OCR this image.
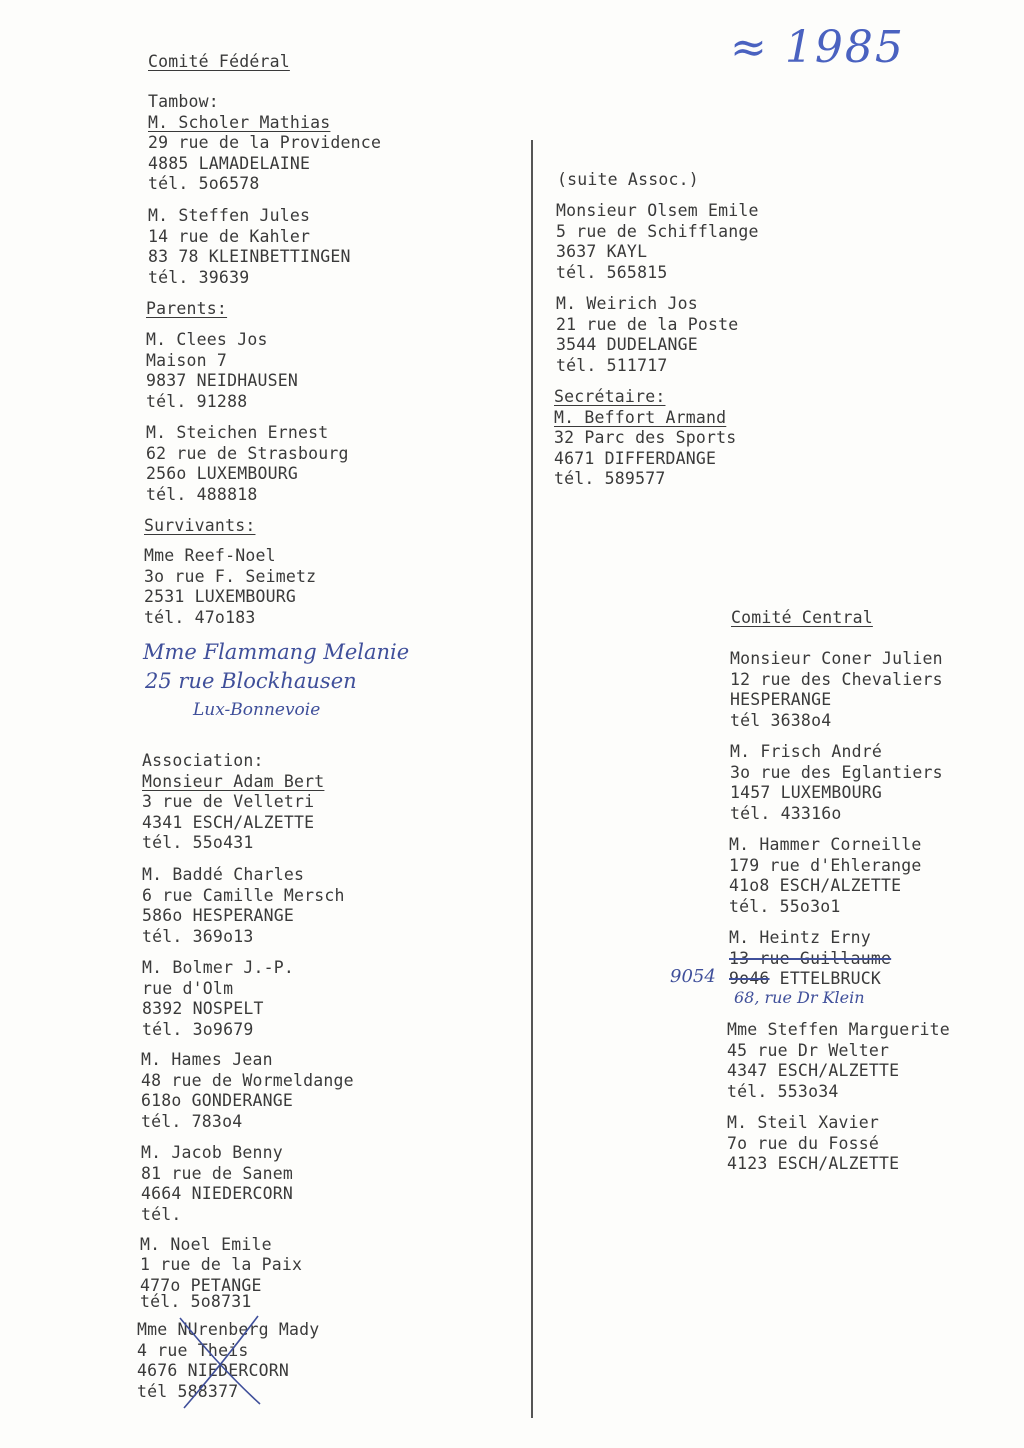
≈ 1985
Comité Fédéral
Tambow:
M. Scholer Mathias
29 rue de la Providence
4885 LAMADELAINE
tél. 5o6578
M. Steffen Jules
14 rue de Kahler
83 78 KLEINBETTINGEN
tél. 39639
Parents:
M. Clees Jos
Maison 7
9837 NEIDHAUSEN
tél. 91288
M. Steichen Ernest
62 rue de Strasbourg
256o LUXEMBOURG
tél. 488818
Survivants:
Mme Reef-Noel
3o rue F. Seimetz
2531 LUXEMBOURG
tél. 47o183
Mme Flammang Melanie
25 rue Blockhausen
Lux-Bonnevoie
Association:
Monsieur Adam Bert
3 rue de Velletri
4341 ESCH/ALZETTE
tél. 55o431
M. Baddé Charles
6 rue Camille Mersch
586o HESPERANGE
tél. 369o13
M. Bolmer J.-P.
rue d'Olm
8392 NOSPELT
tél. 3o9679
M. Hames Jean
48 rue de Wormeldange
618o GONDERANGE
tél. 783o4
M. Jacob Benny
81 rue de Sanem
4664 NIEDERCORN
tél.
M. Noel Emile
1 rue de la Paix
477o PETANGE
tél. 5o8731
Mme NUrenberg Mady
4 rue Theis
4676 NIEDERCORN
tél 588377
(suite Assoc.)
Monsieur Olsem Emile
5 rue de Schifflange
3637 KAYL
tél. 565815
M. Weirich Jos
21 rue de la Poste
3544 DUDELANGE
tél. 511717
Secrétaire:
M. Beffort Armand
32 Parc des Sports
4671 DIFFERDANGE
tél. 589577
Comité Central
Monsieur Coner Julien
12 rue des Chevaliers
HESPERANGE
tél 3638o4
M. Frisch André
3o rue des Eglantiers
1457 LUXEMBOURG
tél. 43316o
M. Hammer Corneille
179 rue d'Ehlerange
41o8 ESCH/ALZETTE
tél. 55o3o1
M. Heintz Erny
13 rue Guillaume
9o46 ETTELBRUCK
9054
68, rue Dr Klein
Mme Steffen Marguerite
45 rue Dr Welter
4347 ESCH/ALZETTE
tél. 553o34
M. Steil Xavier
7o rue du Fossé
4123 ESCH/ALZETTE
